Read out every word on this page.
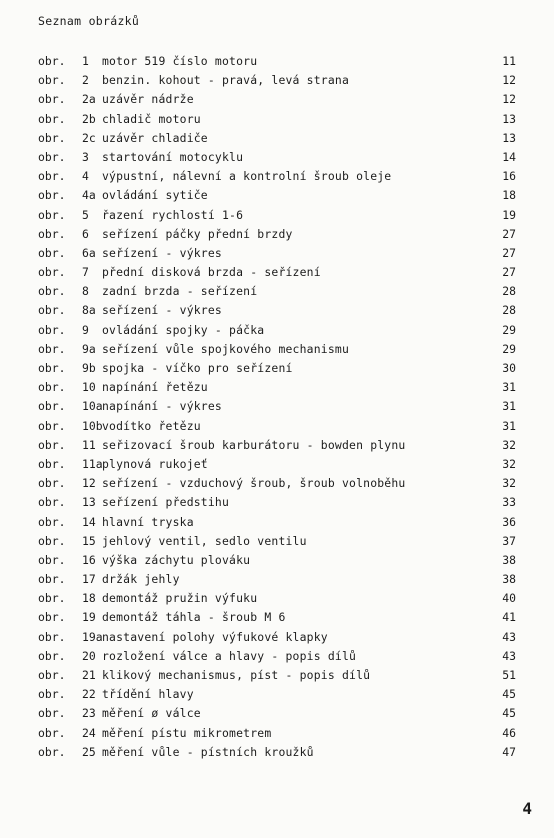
Seznam obrázků
obr. 1 motor 519 číslo motoru	11
obr. 2 benzin. kohout - pravá, levá strana	12
obr. 2a uzávěr nádrže	12
obr. 2b chladič motoru	13
obr. 2c uzávěr chladiče	13
obr. 3 startování motocyklu	14
obr. 4 výpustní, nálevní a kontrolní šroub oleje	16
obr. 4a ovládání sytiče	18
obr. 5 řazení rychlostí 1-6	19
obr. 6 seřízení páčky přední brzdy	27
obr. 6a seřízení - výkres	27
obr. 7 přední disková brzda - seřízení	27
obr. 8 zadní brzda - seřízení	28
obr. 8a seřízení - výkres	28
obr. 9 ovládání spojky - páčka	29
obr. 9a seřízení vůle spojkového mechanismu	29
obr. 9b spojka - víčko pro seřízení	30
obr. 10 napínání řetězu	31
obr. 10a napínání - výkres	31
obr. 10b vodítko řetězu	31
obr. 11 seřizovací šroub karburátoru - bowden plynu	32
obr. 11a plynová rukojeť	32
obr. 12 seřízení - vzduchový šroub, šroub volnoběhu	32
obr. 13 seřízení předstihu	33
obr. 14 hlavní tryska	36
obr. 15 jehlový ventil, sedlo ventilu	37
obr. 16 výška záchytu plováku	38
obr. 17 držák jehly	38
obr. 18 demontáž pružin výfuku	40
obr. 19 demontáž táhla - šroub M 6	41
obr. 19a nastavení polohy výfukové klapky	43
obr. 20 rozložení válce a hlavy - popis dílů	43
obr. 21 klikový mechanismus, píst - popis dílů	51
obr. 22 třídění hlavy	45
obr. 23 měření ø válce	45
obr. 24 měření pístu mikrometrem	46
obr. 25 měření vůle - pístních kroužků	47
4
